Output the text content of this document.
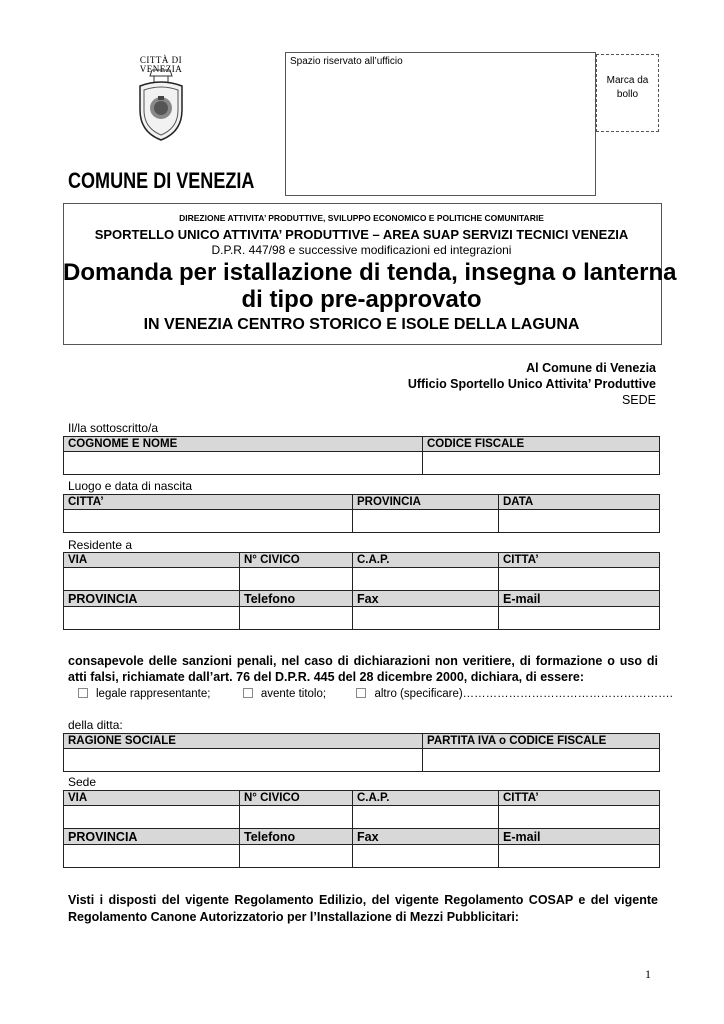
CITTÀ DI
VENEZIA
COMUNE DI VENEZIA
Spazio riservato all’ufficio
Marca da
bollo
DIREZIONE ATTIVITA’ PRODUTTIVE, SVILUPPO ECONOMICO E POLITICHE COMUNITARIE
SPORTELLO UNICO ATTIVITA’ PRODUTTIVE – AREA SUAP SERVIZI TECNICI VENEZIA
D.P.R. 447/98 e successive modificazioni ed integrazioni
Domanda per istallazione di tenda, insegna o lanterna
di tipo pre-approvato
IN VENEZIA CENTRO STORICO E ISOLE DELLA LAGUNA
Al Comune di Venezia
Ufficio Sportello Unico Attivita’ Produttive
SEDE
Il/la sottoscritto/a
COGNOME E NOME	CODICE FISCALE

Luogo e data di nascita
CITTA’	PROVINCIA	DATA

Residente a
VIA	N° CIVICO	C.A.P.	CITTA’

PROVINCIA	Telefono	Fax	E-mail

consapevole delle sanzioni penali, nel caso di dichiarazioni non veritiere, di formazione o uso di atti falsi, richiamate dall’art. 76 del D.P.R. 445 del 28 dicembre 2000, dichiara, di essere:
legale rappresentante;	avente titolo;	altro (specificare)……………………………………………….
della ditta:
RAGIONE SOCIALE	PARTITA IVA o CODICE FISCALE

Sede
VIA	N° CIVICO	C.A.P.	CITTA’

PROVINCIA	Telefono	Fax	E-mail

Visti i disposti del vigente Regolamento Edilizio, del vigente Regolamento COSAP e del vigente Regolamento Canone Autorizzatorio per l’Installazione di Mezzi Pubblicitari:
1
